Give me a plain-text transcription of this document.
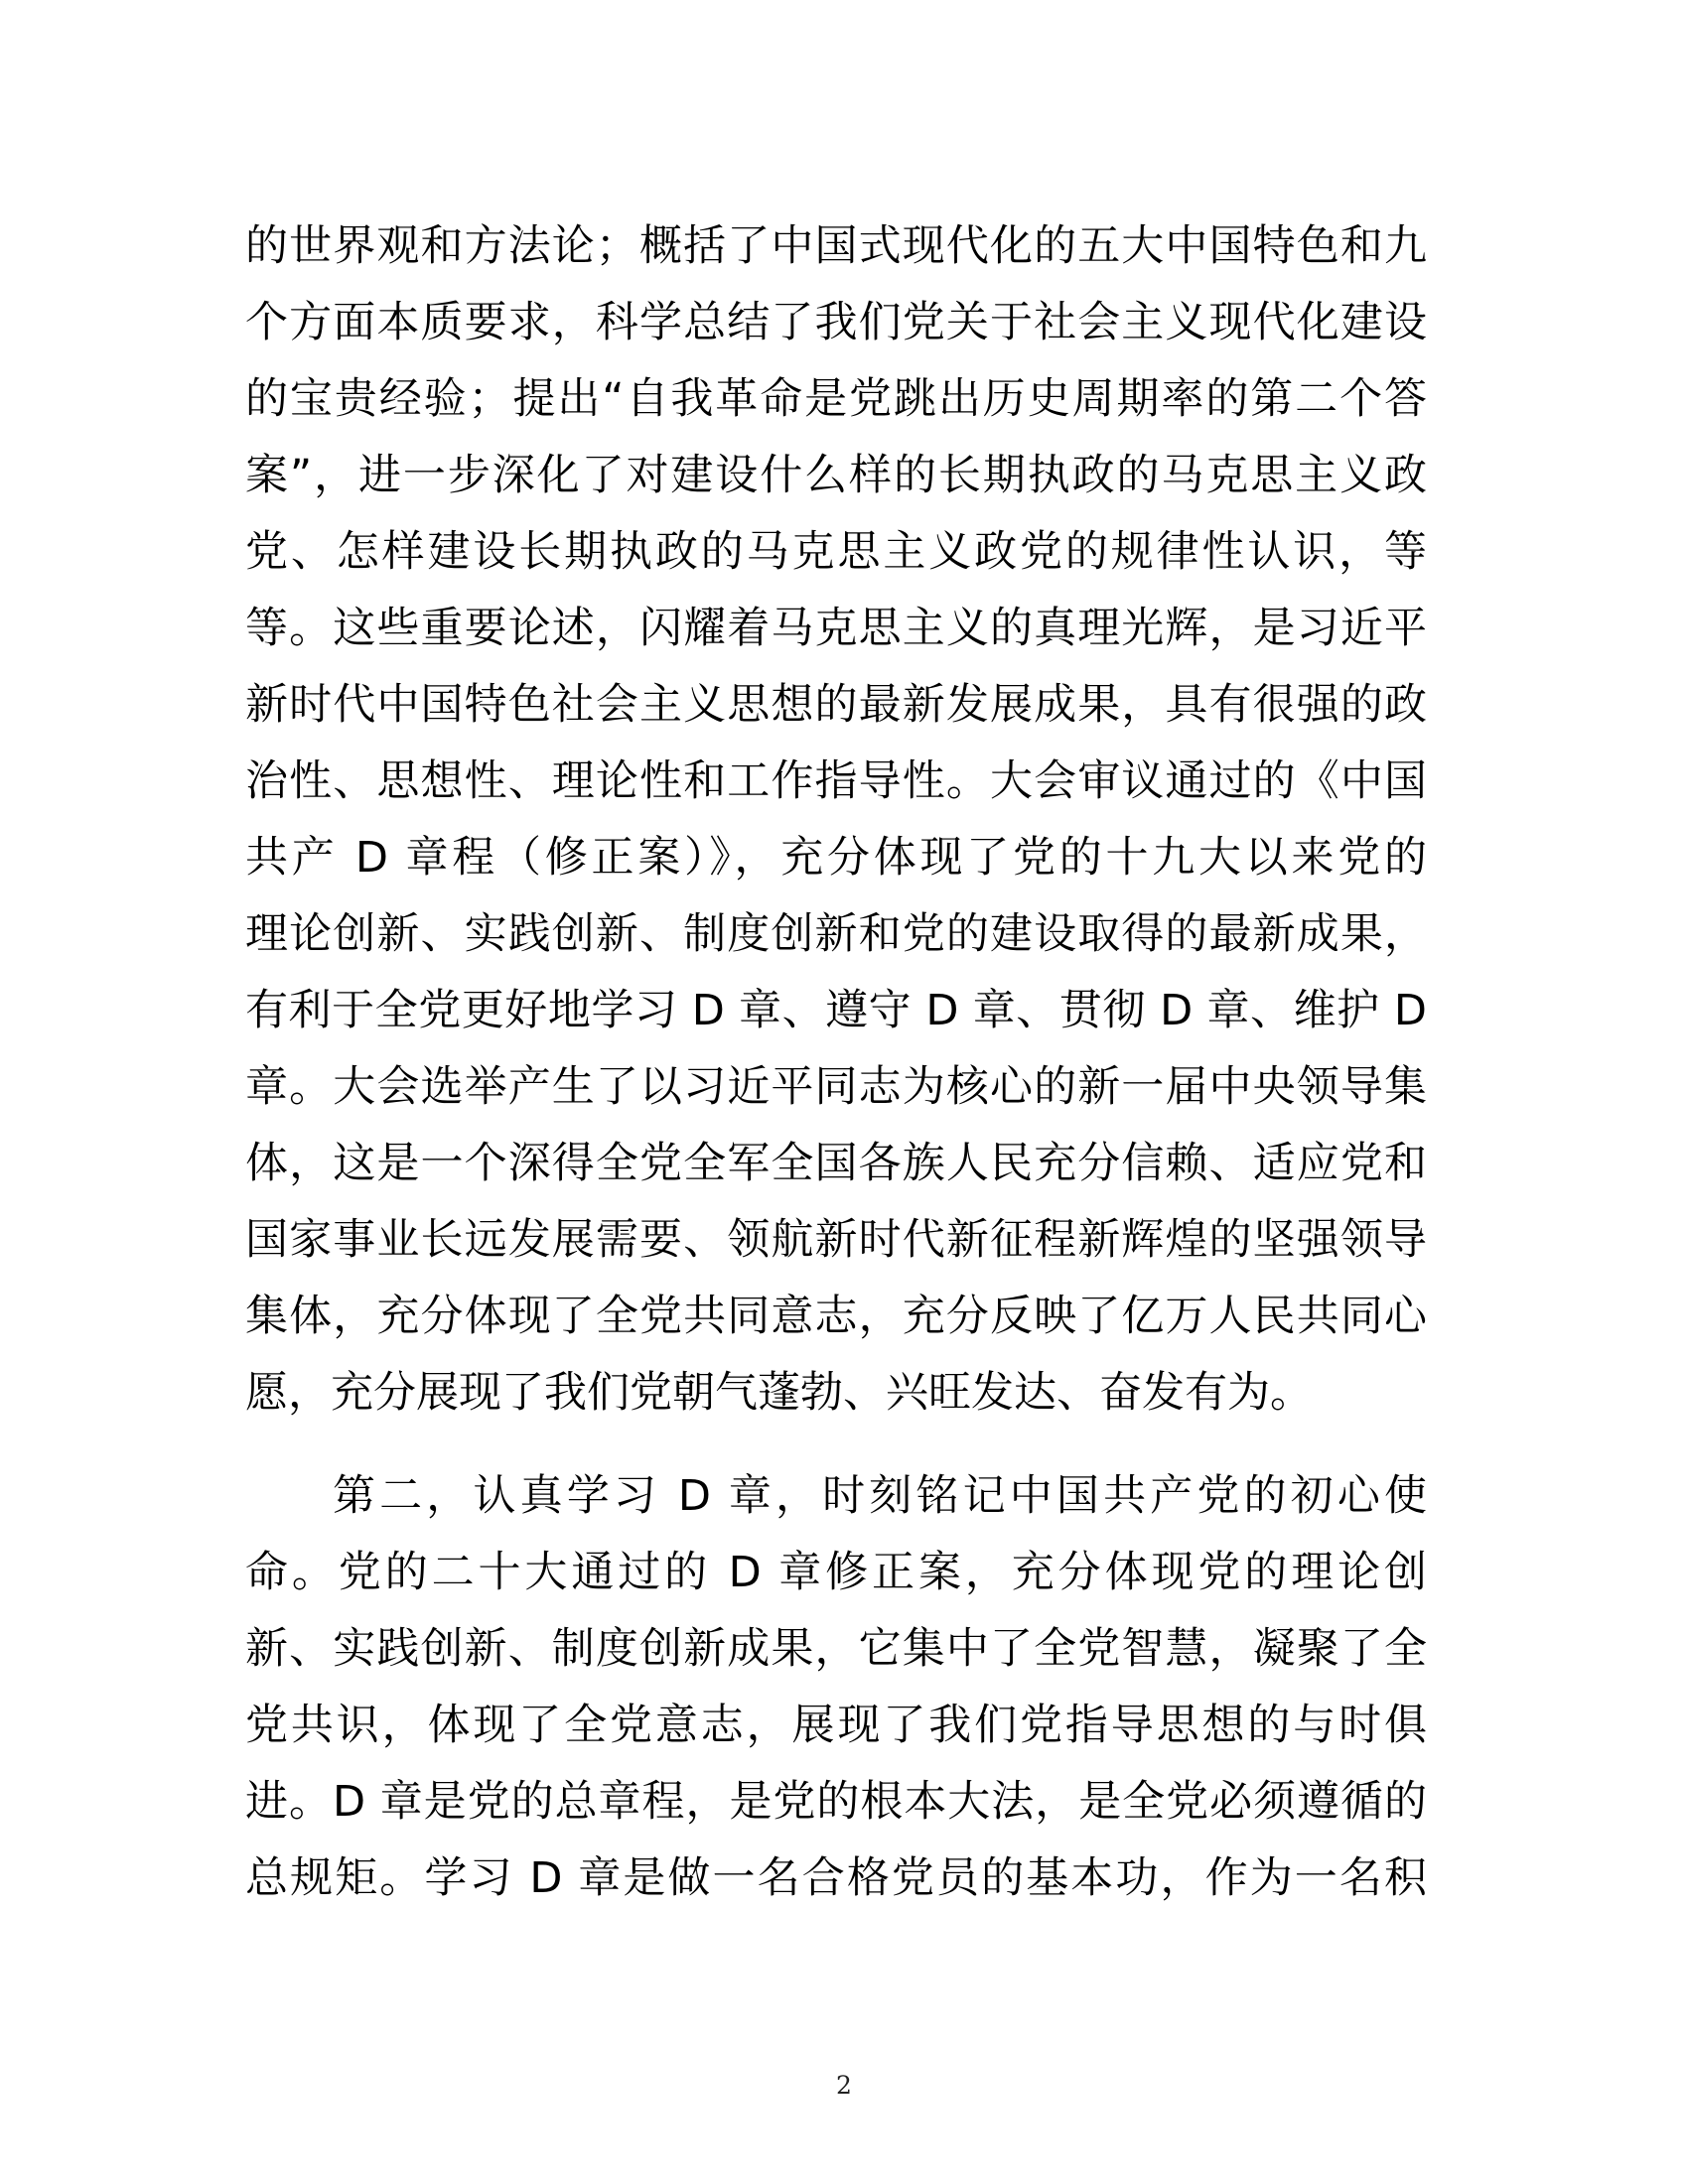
的世界观和方法论；概括了中国式现代化的五大中国特色和九
个方面本质要求，科学总结了我们党关于社会主义现代化建设
的宝贵经验；提出“自我革命是党跳出历史周期率的第二个答
案”，进一步深化了对建设什么样的长期执政的马克思主义政
党、怎样建设长期执政的马克思主义政党的规律性认识，等
等。这些重要论述，闪耀着马克思主义的真理光辉，是习近平
新时代中国特色社会主义思想的最新发展成果，具有很强的政
治性、思想性、理论性和工作指导性。大会审议通过的《中国
共产 D 章程（修正案）》，充分体现了党的十九大以来党的
理论创新、实践创新、制度创新和党的建设取得的最新成果，
有利于全党更好地学习 D 章、遵守 D 章、贯彻 D 章、维护 D
章。大会选举产生了以习近平同志为核心的新一届中央领导集
体，这是一个深得全党全军全国各族人民充分信赖、适应党和
国家事业长远发展需要、领航新时代新征程新辉煌的坚强领导
集体，充分体现了全党共同意志，充分反映了亿万人民共同心
愿，充分展现了我们党朝气蓬勃、兴旺发达、奋发有为。
第二，认真学习 D 章，时刻铭记中国共产党的初心使
命。党的二十大通过的 D 章修正案，充分体现党的理论创
新、实践创新、制度创新成果，它集中了全党智慧，凝聚了全
党共识，体现了全党意志，展现了我们党指导思想的与时俱
进。D 章是党的总章程，是党的根本大法，是全党必须遵循的
总规矩。学习 D 章是做一名合格党员的基本功，作为一名积
2
